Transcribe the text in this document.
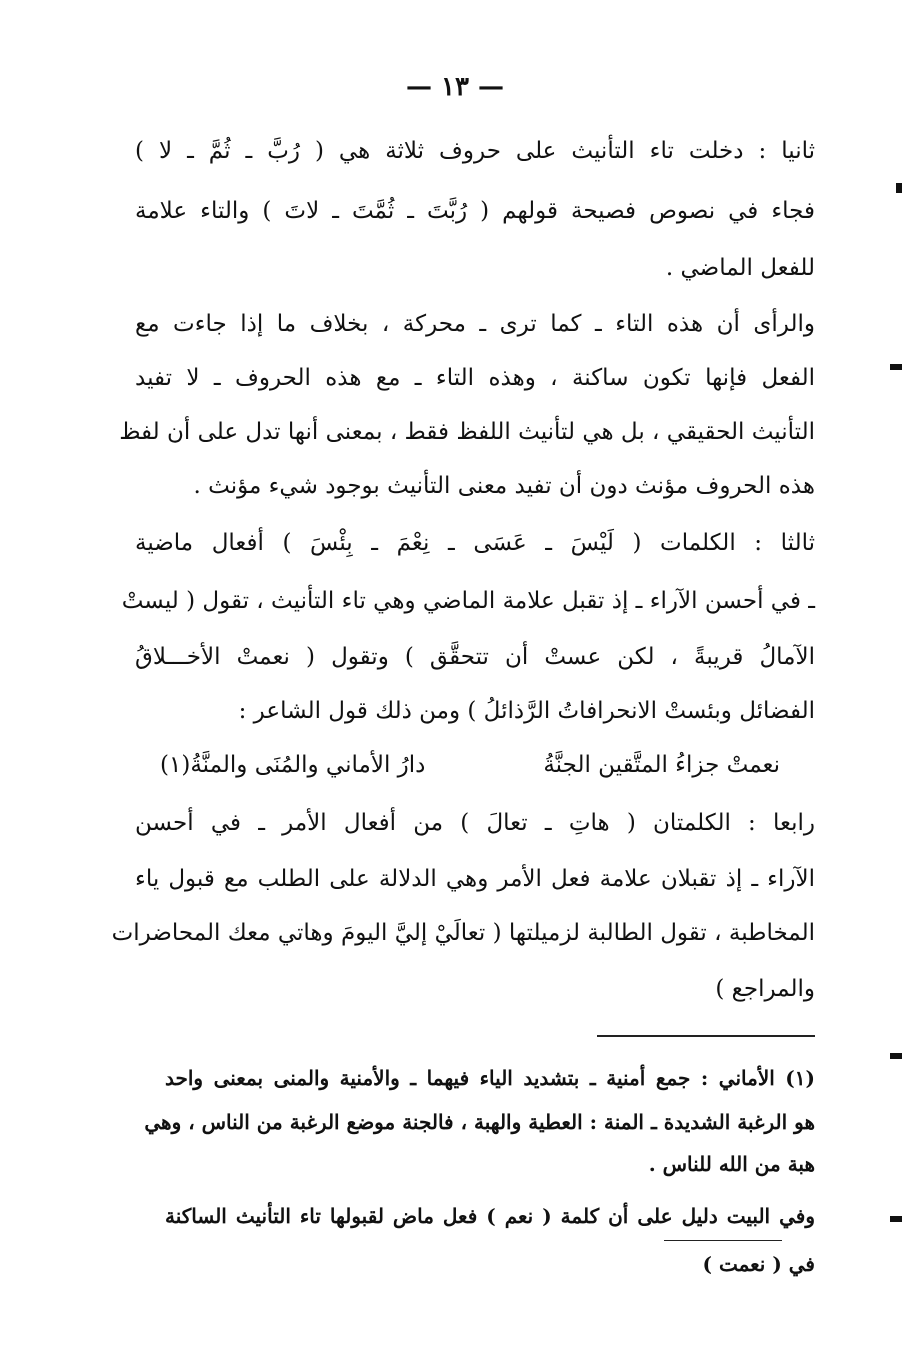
— ١٣ —
ثانيا : دخلت تاء التأنيث على حروف ثلاثة هي ( رُبَّ ـ ثُمَّ ـ لا )
فجاء في نصوص فصيحة قولهم ( رُبَّتَ ـ ثُمَّتَ ـ لاتَ ) والتاء علامة
للفعل الماضي .
والرأى أن هذه التاء ـ كما ترى ـ محركة ، بخلاف ما إذا جاءت مع
الفعل فإنها تكون ساكنة ، وهذه التاء ـ مع هذه الحروف ـ لا تفيد
التأنيث الحقيقي ، بل هي لتأنيث اللفظ فقط ، بمعنى أنها تدل على أن لفظ
هذه الحروف مؤنث دون أن تفيد معنى التأنيث بوجود شيء مؤنث .
ثالثا : الكلمات ( لَيْسَ ـ عَسَى ـ نِعْمَ ـ بِئْسَ ) أفعال ماضية
ـ في أحسن الآراء ـ إذ تقبل علامة الماضي وهي تاء التأنيث ، تقول ( ليستْ
الآمالُ قريبةً ، لكن عستْ أن تتحقَّق ) وتقول ( نعمتْ الأخـــلاقُ
الفضائل وبئستْ الانحرافاتُ الرَّذائلُ ) ومن ذلك قول الشاعر :
نعمتْ جزاءُ المتَّقين الجنَّةُ
دارُ الأماني والمُنَى والمنَّةُ(١)
رابعا : الكلمتان ( هاتِ ـ تعالَ ) من أفعال الأمر ـ في أحسن
الآراء ـ إذ تقبلان علامة فعل الأمر وهي الدلالة على الطلب مع قبول ياء
المخاطبة ، تقول الطالبة لزميلتها ( تعالَيْ إليَّ اليومَ وهاتي معك المحاضرات
والمراجع )
(١) الأماني : جمع أمنية ـ بتشديد الياء فيهما ـ والأمنية والمنى بمعنى واحد
هو الرغبة الشديدة ـ المنة : العطية والهبة ، فالجنة موضع الرغبة من الناس ، وهي
هبة من الله للناس .
وفي البيت دليل على أن كلمة ( نعم ) فعل ماض لقبولها تاء التأنيث الساكنة
في ( نعمت )
